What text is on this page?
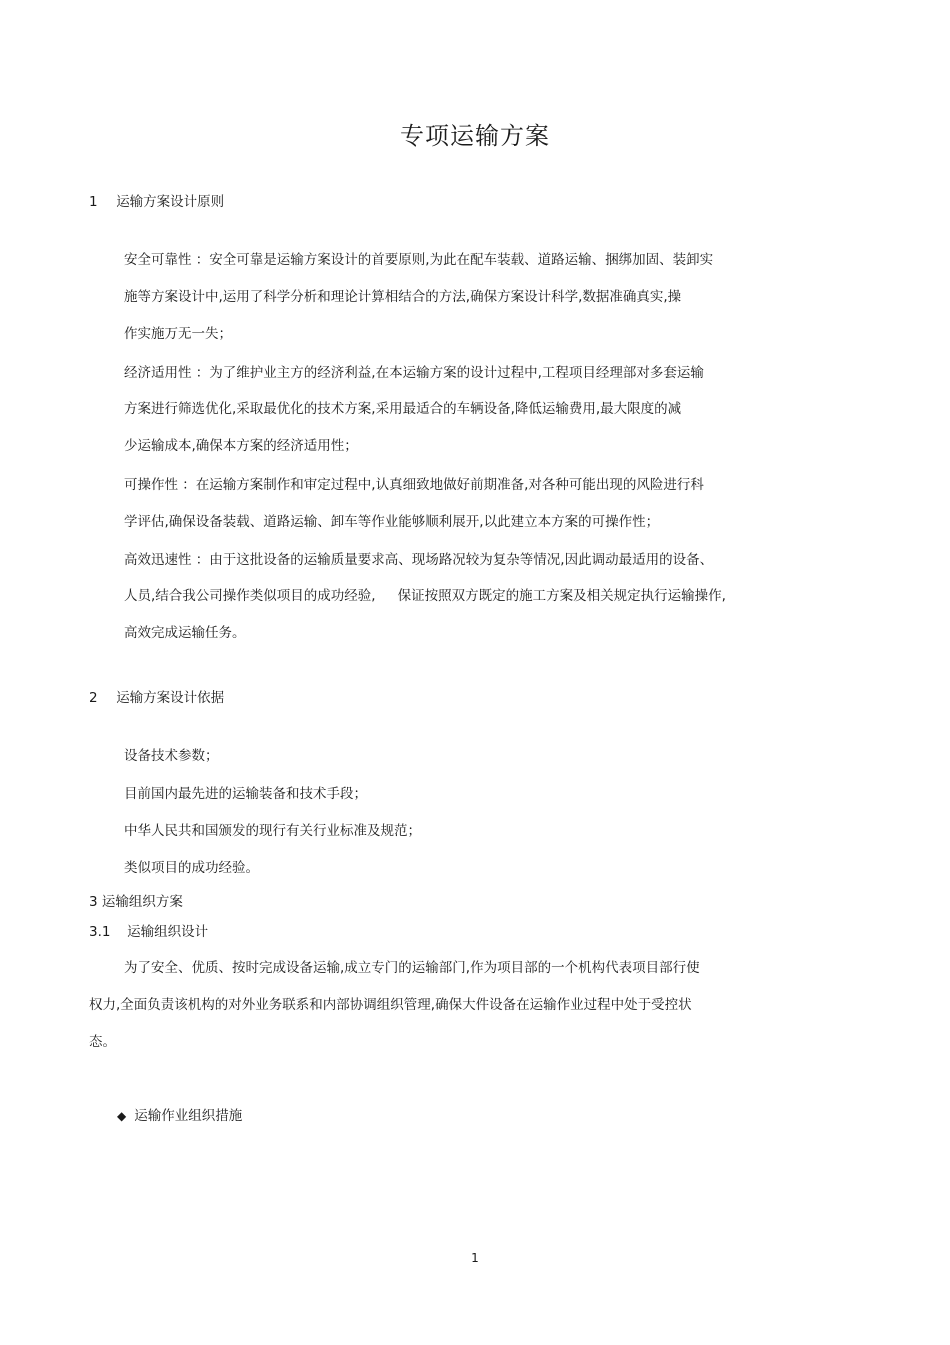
专项运输方案
1 运输方案设计原则
安全可靠性 ：安全可靠是运输方案设计的首要原则,为此在配车装载、道路运输、捆绑加固、装卸实
施等方案设计中,运用了科学分析和理论计算相结合的方法,确保方案设计科学,数据准确真实,操
作实施万无一失；
经济适用性 ：为了维护业主方的经济利益,在本运输方案的设计过程中,工程项目经理部对多套运输
方案进行筛选优化,采取最优化的技术方案,采用最适合的车辆设备,降低运输费用,最大限度的减
少运输成本,确保本方案的经济适用性；
可操作性 ：在运输方案制作和审定过程中,认真细致地做好前期准备,对各种可能出现的风险进行科
学评估,确保设备装载、道路运输、卸车等作业能够顺利展开,以此建立本方案的可操作性；
高效迅速性 ：由于这批设备的运输质量要求高、现场路况较为复杂等情况,因此调动最适用的设备、
人员,结合我公司操作类似项目的成功经验, 保证按照双方既定的施工方案及相关规定执行运输操作,
高效完成运输任务。
2 运输方案设计依据
设备技术参数；
目前国内最先进的运输装备和技术手段；
中华人民共和国颁发的现行有关行业标准及规范；
类似项目的成功经验。
3 运输组织方案
3.1 运输组织设计
为了安全、优质、按时完成设备运输,成立专门的运输部门,作为项目部的一个机构代表项目部行使
权力,全面负责该机构的对外业务联系和内部协调组织管理,确保大件设备在运输作业过程中处于受控状
态。
◆ 运输作业组织措施
1
